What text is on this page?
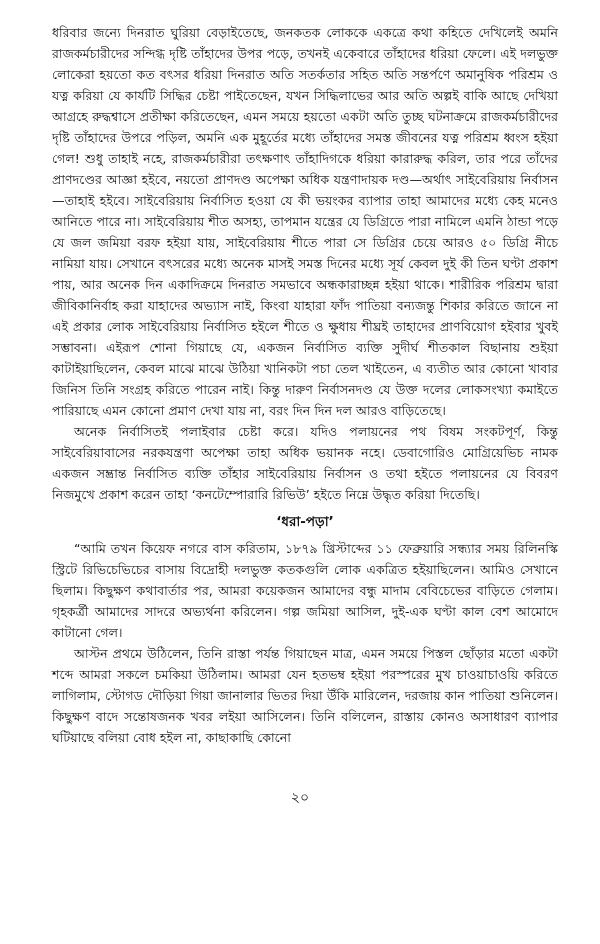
ধরিবার জন্যে দিনরাত ঘুরিয়া বেড়াইতেছে, জনকতক লোককে একত্রে কথা কহিতে দেখিলেই অমনি রাজকর্মচারীদের সন্দিগ্ধ দৃষ্টি তাঁহাদের উপর পড়ে, তখনই একেবারে তাঁহাদের ধরিয়া ফেলে। এই দলভুক্ত লোকেরা হয়তো কত বৎসর ধরিয়া দিনরাত অতি সতর্কতার সহিত অতি সন্তর্পণে অমানুষিক পরিশ্রম ও যত্ন করিয়া যে কার্যটি সিদ্ধির চেষ্টা পাইতেছেন, যখন সিদ্ধিলাভের আর অতি অল্পই বাকি আছে দেখিয়া আগ্রহে রুদ্ধশ্বাসে প্রতীক্ষা করিতেছেন, এমন সময়ে হয়তো একটা অতি তুচ্ছ ঘটনাক্রমে রাজকর্মচারীদের দৃষ্টি তাঁহাদের উপরে পড়িল, অমনি এক মুহূর্তের মধ্যে তাঁহাদের সমস্ত জীবনের যত্ন পরিশ্রম ধ্বংস হইয়া গেল! শুধু তাহাই নহে, রাজকর্মচারীরা তৎক্ষণাৎ তাঁহাদিগকে ধরিয়া কারারুদ্ধ করিল, তার পরে তাঁদের প্রাণদণ্ডের আজ্ঞা হইবে, নয়তো প্রাণদণ্ড অপেক্ষা অধিক যন্ত্রণাদায়ক দণ্ড—অর্থাৎ সাইবেরিয়ায় নির্বাসন—তাহাই হইবে। সাইবেরিয়ায় নির্বাসিত হওয়া যে কী ভয়ংকর ব্যাপার তাহা আমাদের মধ্যে কেহ মনেও আনিতে পারে না। সাইবেরিয়ায় শীত অসহ্য, তাপমান যন্ত্রের যে ডিগ্রিতে পারা নামিলে এমনি ঠান্ডা পড়ে যে জল জমিয়া বরফ হইয়া যায়, সাইবেরিয়ায় শীতে পারা সে ডিগ্রির চেয়ে আরও ৫০ ডিগ্রি নীচে নামিয়া যায়। সেখানে বৎসরের মধ্যে অনেক মাসই সমস্ত দিনের মধ্যে সূর্য কেবল দুই কী তিন ঘণ্টা প্রকাশ পায়, আর অনেক দিন একাদিক্রমে দিনরাত সমভাবে অন্ধকারাচ্ছন্ন হইয়া থাকে। শারীরিক পরিশ্রম দ্বারা জীবিকানির্বাহ করা যাহাদের অভ্যাস নাই, কিংবা যাহারা ফাঁদ পাতিয়া বন্যজন্তু শিকার করিতে জানে না এই প্রকার লোক সাইবেরিয়ায় নির্বাসিত হইলে শীতে ও ক্ষুধায় শীঘ্রই তাহাদের প্রাণবিয়োগ হইবার খুবই সম্ভাবনা। এইরূপ শোনা গিয়াছে যে, একজন নির্বাসিত ব্যক্তি সুদীর্ঘ শীতকাল বিছানায় শুইয়া কাটাইয়াছিলেন, কেবল মাঝে মাঝে উঠিয়া খানিকটা পচা তেল খাইতেন, এ ব্যতীত আর কোনো খাবার জিনিস তিনি সংগ্রহ করিতে পারেন নাই। কিন্তু দারুণ নির্বাসনদণ্ড যে উক্ত দলের লোকসংখ্যা কমাইতে পারিয়াছে এমন কোনো প্রমাণ দেখা যায় না, বরং দিন দিন দল আরও বাড়িতেছে।

অনেক নির্বাসিতই পলাইবার চেষ্টা করে। যদিও পলায়নের পথ বিষম সংকটপূর্ণ, কিন্তু সাইবেরিয়াবাসের নরকযন্ত্রণা অপেক্ষা তাহা অধিক ভয়ানক নহে। ডেবাগোরিও মোগ্রিয়েভিচ নামক একজন সম্ভ্রান্ত নির্বাসিত ব্যক্তি তাঁহার সাইবেরিয়ায় নির্বাসন ও তথা হইতে পলায়নের যে বিবরণ নিজমুখে প্রকাশ করেন তাহা ‘কনটেম্পোরারি রিভিউ’ হইতে নিম্নে উদ্ধৃত করিয়া দিতেছি।

‘ধরা-পড়া’

“আমি তখন কিয়েফ নগরে বাস করিতাম, ১৮৭৯ খ্রিস্টাব্দের ১১ ফেব্রুয়ারি সন্ধ্যার সময় রিলিনস্কি স্ট্রিটে রিভিচেভিচের বাসায় বিদ্রোহী দলভুক্ত কতকগুলি লোক একত্রিত হইয়াছিলেন। আমিও সেখানে ছিলাম। কিছুক্ষণ কথাবার্তার পর, আমরা কয়েকজন আমাদের বন্ধু মাদাম বেবিচেভের বাড়িতে গেলাম। গৃহকর্ত্রী আমাদের সাদরে অভ্যর্থনা করিলেন। গল্প জমিয়া আসিল, দুই-এক ঘণ্টা কাল বেশ আমোদে কাটানো গেল।

আস্টন প্রথমে উঠিলেন, তিনি রাস্তা পর্যন্ত গিয়াছেন মাত্র, এমন সময়ে পিস্তল ছোঁড়ার মতো একটা শব্দে আমরা সকলে চমকিয়া উঠিলাম। আমরা যেন হতভম্ব হইয়া পরস্পরের মুখ চাওয়াচাওয়ি করিতে লাগিলাম, স্টোগড দৌড়িয়া গিয়া জানালার ভিতর দিয়া উঁকি মারিলেন, দরজায় কান পাতিয়া শুনিলেন। কিছুক্ষণ বাদে সন্তোষজনক খবর লইয়া আসিলেন। তিনি বলিলেন, রাস্তায় কোনও অসাধারণ ব্যাপার ঘটিয়াছে বলিয়া বোধ হইল না, কাছাকাছি কোনো

২০
